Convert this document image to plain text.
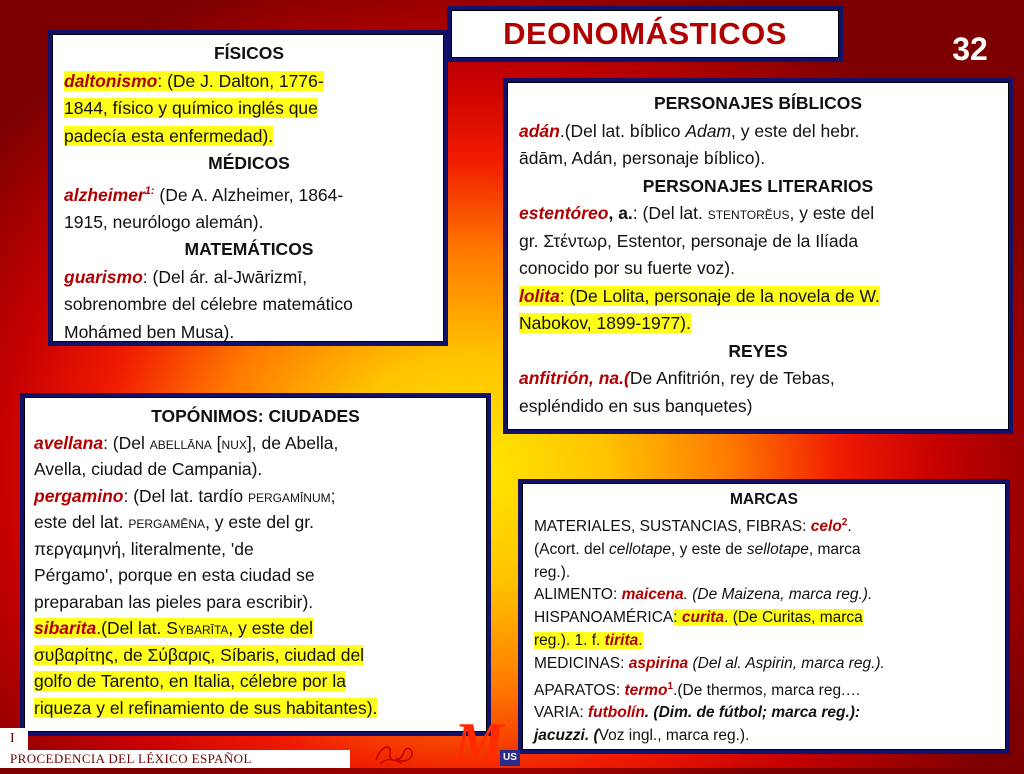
DEONOMÁSTICOS	32

FÍSICOS

daltonismo: (De J. Dalton, 1776-
1844, físico y químico inglés que
padecía esta enfermedad).

MÉDICOS

alzheimer$^{1:}$ (De A. Alzheimer, 1864-
1915, neurólogo alemán).

MATEMÁTICOS

guarismo: (Del ár. al-Jwārizmī,
sobrenombre del célebre matemático
Mohámed ben Musa).

PERSONAJES BÍBLICOS

adán.(Del lat. bíblico Adam, y este del hebr.
ādām, Adán, personaje bíblico).

PERSONAJES LITERARIOS

estentóreo, a.: (Del lat. stentorĕus, y este del
gr. Στέντωρ, Estentor, personaje de la Ilíada
conocido por su fuerte voz).

lolita: (De Lolita, personaje de la novela de W.
Nabokov, 1899-1977).

REYES

anfitrión, na.(De Anfitrión, rey de Tebas,
espléndido en sus banquetes)

TOPÓNIMOS: CIUDADES

avellana: (Del abellāna [nux], de Abella,
Avella, ciudad de Campania).

pergamino: (Del lat. tardío pergamīnum;
este del lat. pergamēna, y este del gr.
περγαμηνή, literalmente, 'de
Pérgamo', porque en esta ciudad se
preparaban las pieles para escribir).

sibarita.(Del lat. Sybarīta, y este del
συβαρίτης, de Σύβαρις, Síbaris, ciudad del
golfo de Tarento, en Italia, célebre por la
riqueza y el refinamiento de sus habitantes).

MARCAS

MATERIALES, SUSTANCIAS, FIBRAS: celo$^2$.
(Acort. del cellotape, y este de sellotape, marca
reg.).

ALIMENTO: maicena. (De Maizena, marca reg.).

HISPANOAMÉRICA: curita. (De Curitas, marca
reg.). 1. f. tirita.

MEDICINAS: aspirina (Del al. Aspirin, marca reg.).

APARATOS: termo$^1$.(De thermos, marca reg.…

VARIA: futbolín. (Dim. de fútbol; marca reg.):

jacuzzi. (Voz ingl., marca reg.).

I
PROCEDENCIA DEL LÉXICO ESPAÑOL	M US
